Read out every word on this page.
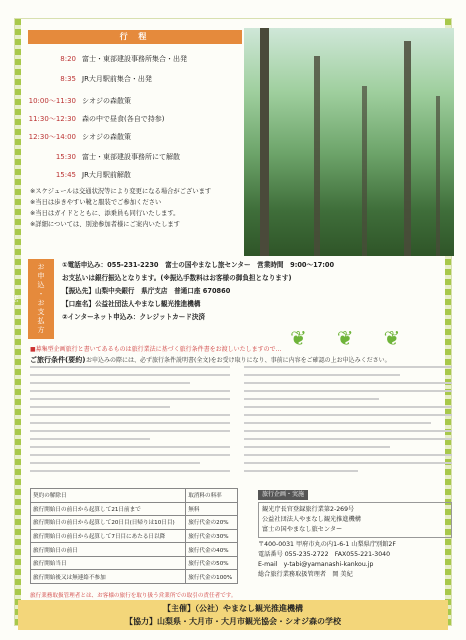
行 程
8:20 富士・東部建設事務所集合・出発
8:35 JR大月駅前集合・出発
10:00～11:30 シオジの森散策
11:30～12:30 森の中で昼食(各自で持参)
12:30～14:00 シオジの森散策
15:30 富士・東部建設事務所にて解散
15:45 JR大月駅前解散
※スケジュールは交通状況等により変更になる場合がございます
※当日は歩きやすい靴と服装でご参加ください
※当日はガイドとともに、添乗員も同行いたします。
※詳細については、別途参加者様にご案内いたします
お申込・お支払方法
①電話申込み：055-231-2230　富士の国やまなし旅センター　営業時間　9:00～17:00
お支払いは銀行振込となります。(※振込手数料はお客様の御負担となります)
【振込先】山梨中央銀行　県庁支店　普通口座 670860
【口座名】公益社団法人やまなし観光推進機構
②インターネット申込み：クレジットカード決済
❦❦❦
■募集型企画旅行と書いてあるものは旅行業法に基づく旅行条件書をお渡しいたしますので…
ご旅行条件(要約) お申込みの際には、必ず旅行条件説明書(全文)をお受け取りになり、事前に内容をご確認の上お申込みください。
契約の解除日	取消料の料率
旅行開始日の前日から起算して21日前まで	無料
旅行開始日の前日から起算して20日目(日帰りは10日目)	旅行代金の20%
旅行開始日の前日から起算して7日目にあたる日以降	旅行代金の30%
旅行開始日の前日	旅行代金の40%
旅行開始当日	旅行代金の50%
旅行開始後又は無連絡不参加	旅行代金の100%
旅行企画・実施
観光庁長官登録旅行業第2-269号
公益社団法人やまなし観光推進機構
富士の国やまなし旅センター
〒400-0031 甲府市丸の内1-6-1 山梨県庁別館2F
電話番号 055-235-2722　FAX055-221-3040
E-mail　y-tabi@yamanashi-kankou.jp
総合旅行業務取扱管理者　岡 美紀
旅行業務取扱管理者とは、お客様の旅行を取り扱う営業所での取引の責任者です。
【主催】（公社）やまなし観光推進機構
【協力】山梨県・大月市・大月市観光協会・シオジ森の学校
